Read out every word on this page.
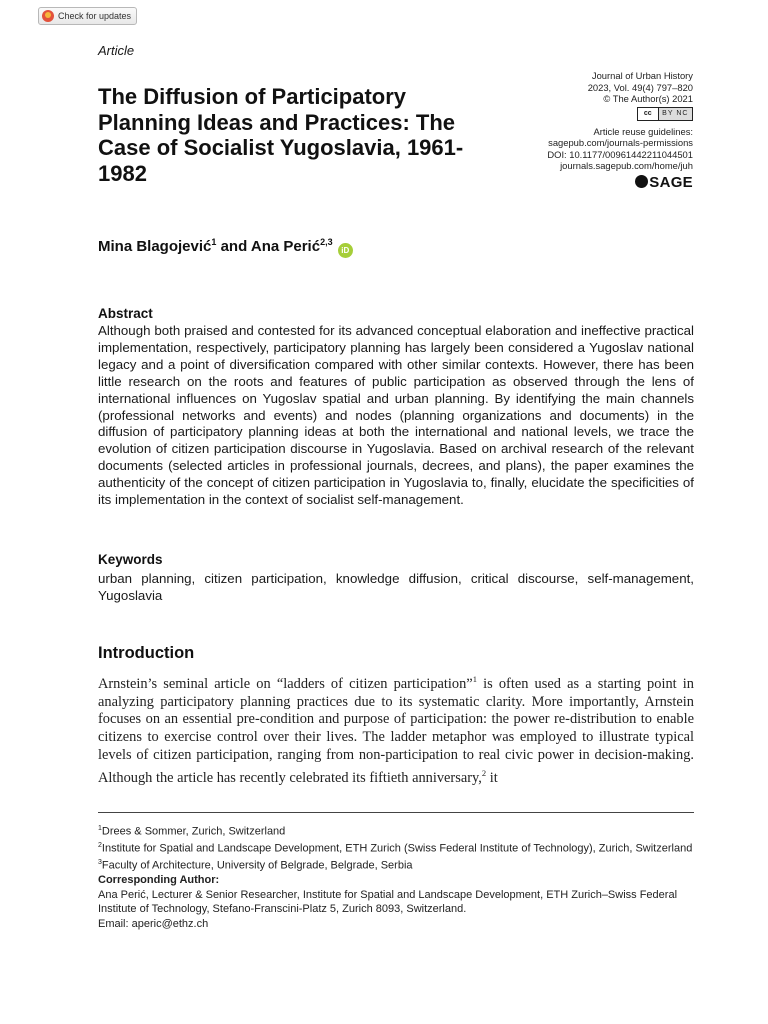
Check for updates
Article
The Diffusion of Participatory Planning Ideas and Practices: The Case of Socialist Yugoslavia, 1961-1982
Journal of Urban History
2023, Vol. 49(4) 797–820
© The Author(s) 2021
cc	BY NC
Article reuse guidelines:
sagepub.com/journals-permissions
DOI: 10.1177/00961442211044501
journals.sagepub.com/home/juh
SAGE
Mina Blagojević$^1$ and Ana Perić$^{2,3}$ iD
Abstract

Although both praised and contested for its advanced conceptual elaboration and ineffective practical implementation, respectively, participatory planning has largely been considered a Yugoslav national legacy and a point of diversification compared with other similar contexts. However, there has been little research on the roots and features of public participation as observed through the lens of international influences on Yugoslav spatial and urban planning. By identifying the main channels (professional networks and events) and nodes (planning organizations and documents) in the diffusion of participatory planning ideas at both the international and national levels, we trace the evolution of citizen participation discourse in Yugoslavia. Based on archival research of the relevant documents (selected articles in professional journals, decrees, and plans), the paper examines the authenticity of the concept of citizen participation in Yugoslavia to, finally, elucidate the specificities of its implementation in the context of socialist self-management.

Keywords

urban planning, citizen participation, knowledge diffusion, critical discourse, self-management, Yugoslavia

Introduction

Arnstein’s seminal article on “ladders of citizen participation”$^1$ is often used as a starting point in analyzing participatory planning practices due to its systematic clarity. More importantly, Arnstein focuses on an essential pre-condition and purpose of participation: the power re-distribution to enable citizens to exercise control over their lives. The ladder metaphor was employed to illustrate typical levels of citizen participation, ranging from non-participation to real civic power in decision-making. Although the article has recently celebrated its fiftieth anniversary,$^2$ it

$^1$Drees & Sommer, Zurich, Switzerland
$^2$Institute for Spatial and Landscape Development, ETH Zurich (Swiss Federal Institute of Technology), Zurich, Switzerland
$^3$Faculty of Architecture, University of Belgrade, Belgrade, Serbia
Corresponding Author:
Ana Perić, Lecturer & Senior Researcher, Institute for Spatial and Landscape Development, ETH Zurich–Swiss Federal
Institute of Technology, Stefano-Franscini-Platz 5, Zurich 8093, Switzerland.
Email: aperic@ethz.ch
